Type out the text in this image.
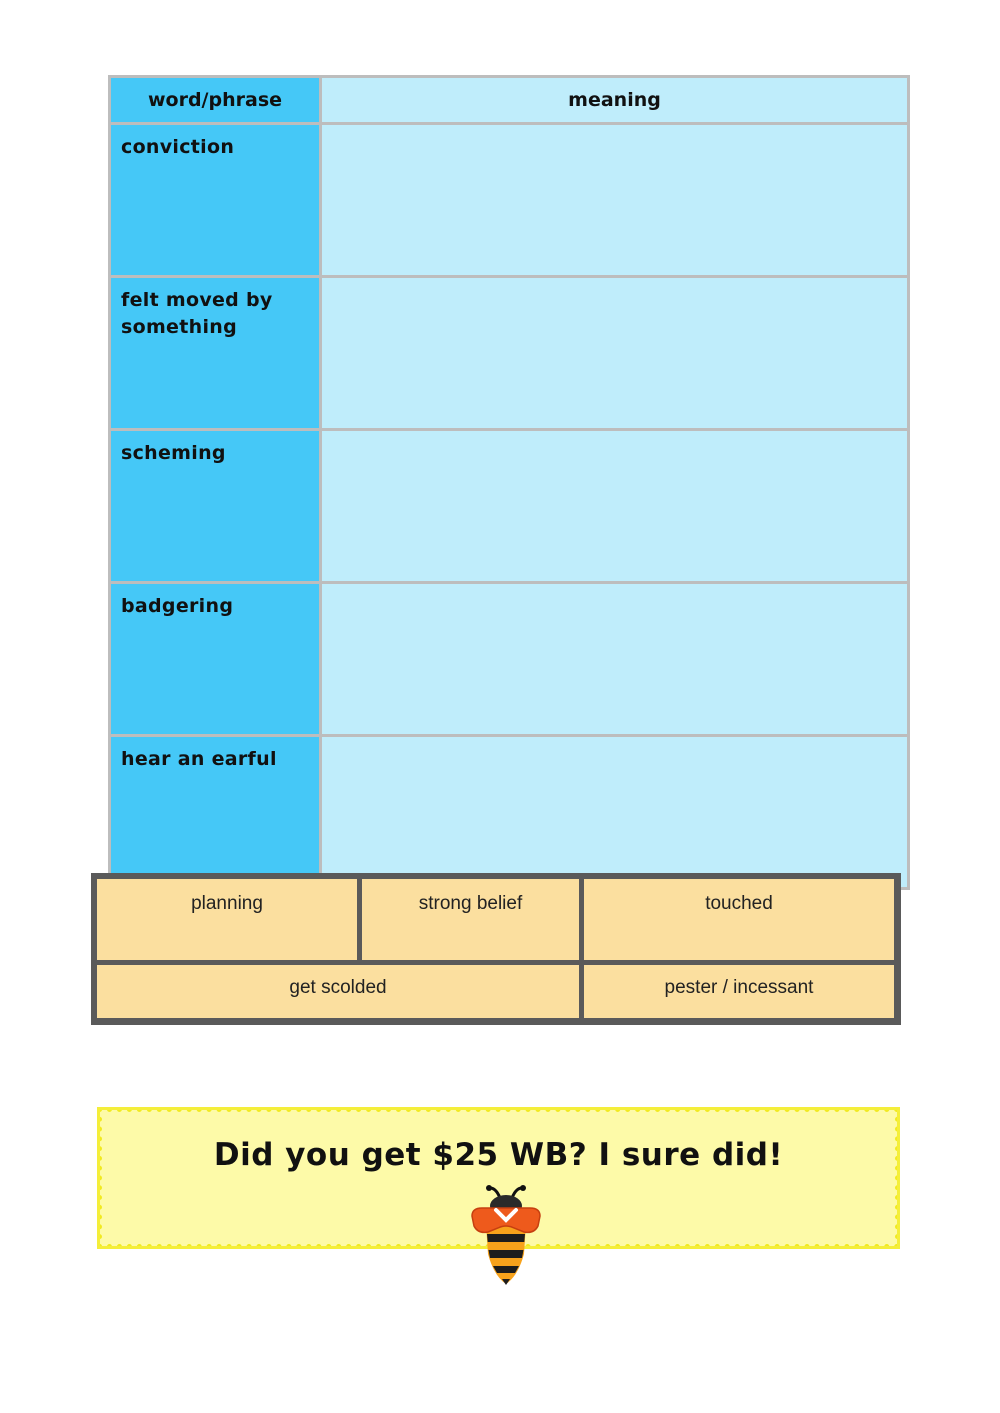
word/phrase	meaning
conviction	
felt moved by something	
scheming	
badgering	
hear an earful	
planning	strong belief	touched
get scolded	pester / incessant
Did you get $25 WB? I sure did!
